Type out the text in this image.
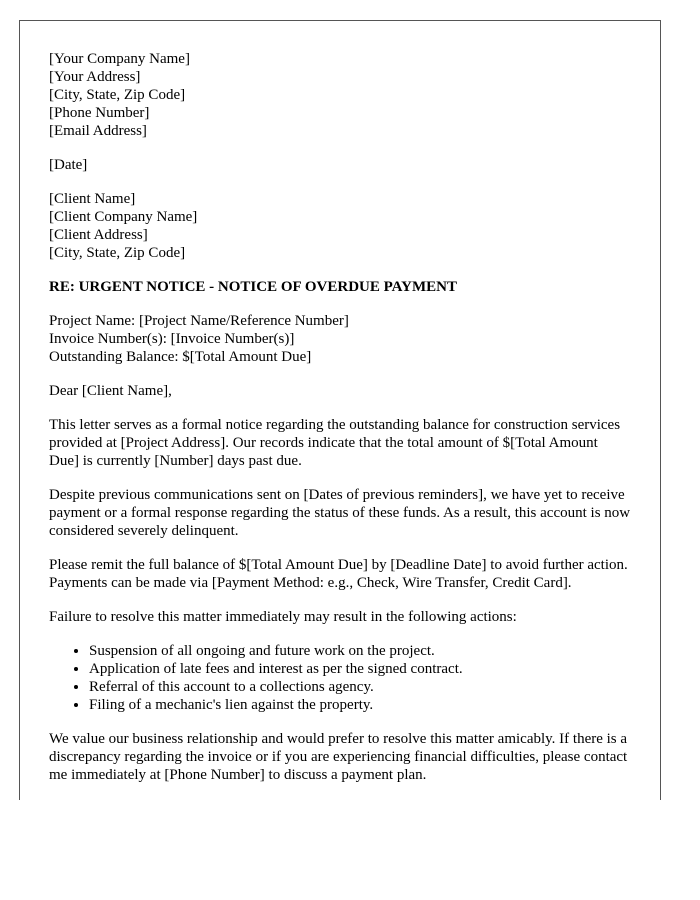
[Your Company Name]
[Your Address]
[City, State, Zip Code]
[Phone Number]
[Email Address]
[Date]
[Client Name]
[Client Company Name]
[Client Address]
[City, State, Zip Code]
RE: URGENT NOTICE - NOTICE OF OVERDUE PAYMENT
Project Name: [Project Name/Reference Number]
Invoice Number(s): [Invoice Number(s)]
Outstanding Balance: $[Total Amount Due]

Dear [Client Name],

This letter serves as a formal notice regarding the outstanding balance for construction services provided at [Project Address]. Our records indicate that the total amount of $[Total Amount Due] is currently [Number] days past due.

Despite previous communications sent on [Dates of previous reminders], we have yet to receive payment or a formal response regarding the status of these funds. As a result, this account is now considered severely delinquent.

Please remit the full balance of $[Total Amount Due] by [Deadline Date] to avoid further action. Payments can be made via [Payment Method: e.g., Check, Wire Transfer, Credit Card].

Failure to resolve this matter immediately may result in the following actions:

• Suspension of all ongoing and future work on the project.
• Application of late fees and interest as per the signed contract.
• Referral of this account to a collections agency.
• Filing of a mechanic's lien against the property.

We value our business relationship and would prefer to resolve this matter amicably. If there is a discrepancy regarding the invoice or if you are experiencing financial difficulties, please contact me immediately at [Phone Number] to discuss a payment plan.
